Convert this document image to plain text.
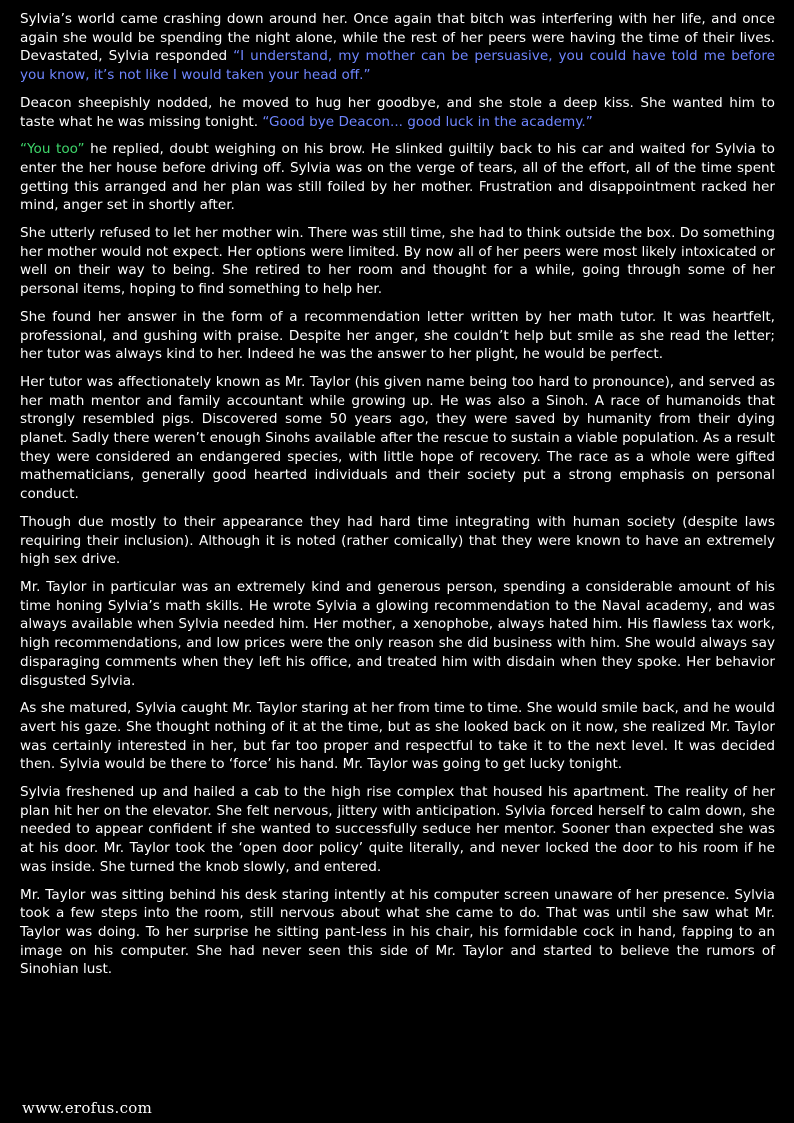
Sylvia’s world came crashing down around her. Once again that bitch was interfering with her life, and once again she would be spending the night alone, while the rest of her peers were having the time of their lives. Devastated, Sylvia responded “I understand, my mother can be persuasive, you could have told me before you know, it’s not like I would taken your head off.”

Deacon sheepishly nodded, he moved to hug her goodbye, and she stole a deep kiss. She wanted him to taste what he was missing tonight. “Good bye Deacon... good luck in the academy.”

“You too” he replied, doubt weighing on his brow. He slinked guiltily back to his car and waited for Sylvia to enter the her house before driving off. Sylvia was on the verge of tears, all of the effort, all of the time spent getting this arranged and her plan was still foiled by her mother. Frustration and disappointment racked her mind, anger set in shortly after.

She utterly refused to let her mother win. There was still time, she had to think outside the box. Do something her mother would not expect. Her options were limited. By now all of her peers were most likely intoxicated or well on their way to being. She retired to her room and thought for a while, going through some of her personal items, hoping to find something to help her.

She found her answer in the form of a recommendation letter written by her math tutor. It was heartfelt, professional, and gushing with praise. Despite her anger, she couldn’t help but smile as she read the letter; her tutor was always kind to her. Indeed he was the answer to her plight, he would be perfect.

Her tutor was affectionately known as Mr. Taylor (his given name being too hard to pronounce), and served as her math mentor and family accountant while growing up. He was also a Sinoh. A race of humanoids that strongly resembled pigs. Discovered some 50 years ago, they were saved by humanity from their dying planet. Sadly there weren’t enough Sinohs available after the rescue to sustain a viable population. As a result they were considered an endangered species, with little hope of recovery. The race as a whole were gifted mathematicians, generally good hearted individuals and their society put a strong emphasis on personal conduct.

Though due mostly to their appearance they had hard time integrating with human society (despite laws requiring their inclusion). Although it is noted (rather comically) that they were known to have an extremely high sex drive.

Mr. Taylor in particular was an extremely kind and generous person, spending a considerable amount of his time honing Sylvia’s math skills. He wrote Sylvia a glowing recommendation to the Naval academy, and was always available when Sylvia needed him. Her mother, a xenophobe, always hated him. His flawless tax work, high recommendations, and low prices were the only reason she did business with him. She would always say disparaging comments when they left his office, and treated him with disdain when they spoke. Her behavior disgusted Sylvia.

As she matured, Sylvia caught Mr. Taylor staring at her from time to time. She would smile back, and he would avert his gaze. She thought nothing of it at the time, but as she looked back on it now, she realized Mr. Taylor was certainly interested in her, but far too proper and respectful to take it to the next level. It was decided then. Sylvia would be there to ‘force’ his hand. Mr. Taylor was going to get lucky tonight.

Sylvia freshened up and hailed a cab to the high rise complex that housed his apartment. The reality of her plan hit her on the elevator. She felt nervous, jittery with anticipation. Sylvia forced herself to calm down, she needed to appear confident if she wanted to successfully seduce her mentor. Sooner than expected she was at his door. Mr. Taylor took the ‘open door policy’ quite literally, and never locked the door to his room if he was inside. She turned the knob slowly, and entered.

Mr. Taylor was sitting behind his desk staring intently at his computer screen unaware of her presence. Sylvia took a few steps into the room, still nervous about what she came to do. That was until she saw what Mr. Taylor was doing. To her surprise he sitting pant-less in his chair, his formidable cock in hand, fapping to an image on his computer. She had never seen this side of Mr. Taylor and started to believe the rumors of Sinohian lust.

www.erofus.com
